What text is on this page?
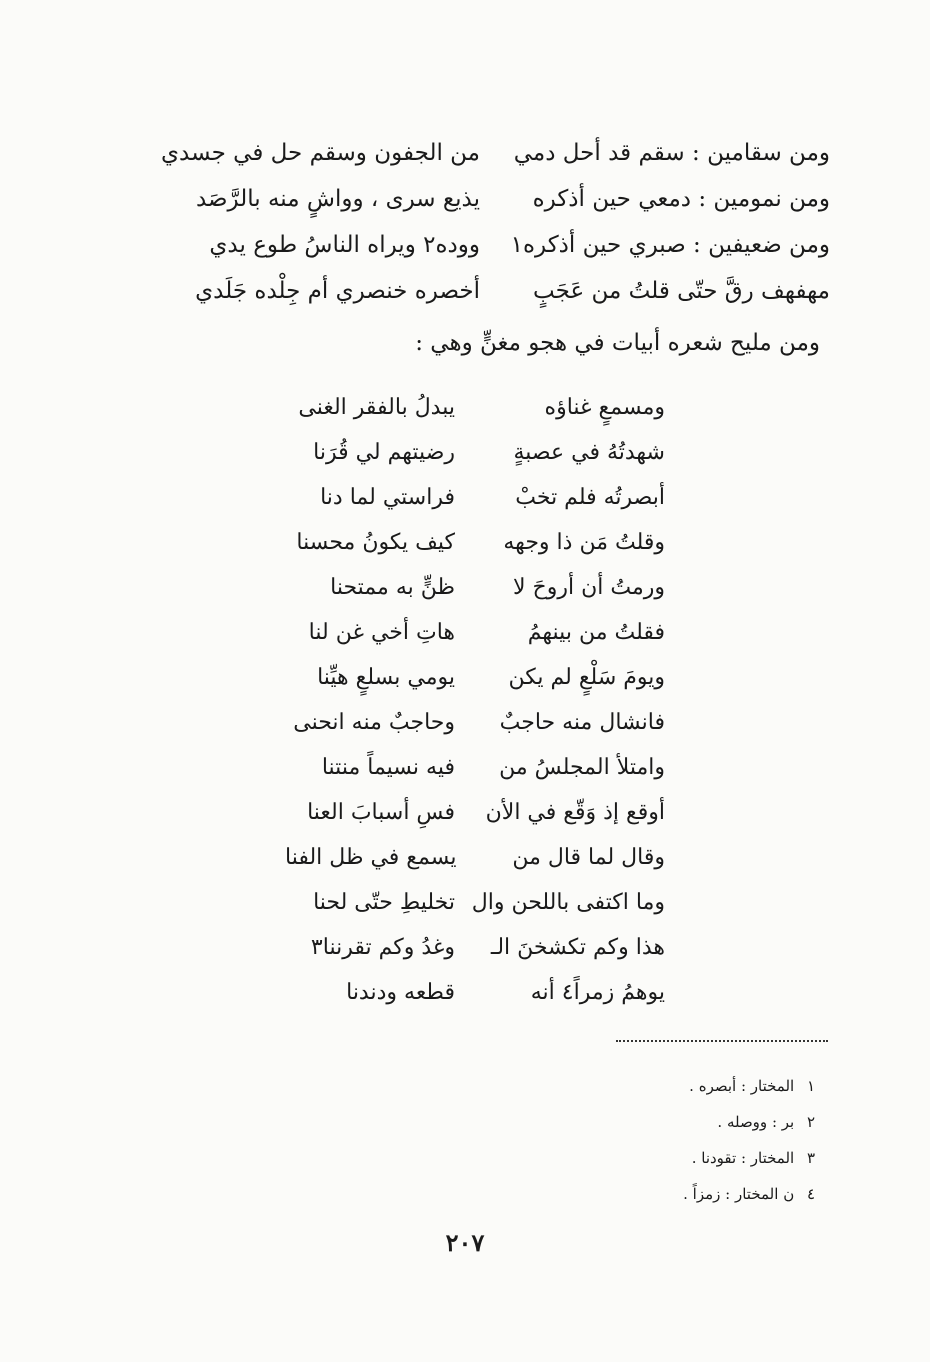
ومن سقامين : سقم قد أحل دمي
من الجفون وسقم حل في جسدي
ومن نمومين : دمعي حين أذكره
يذيع سرى ، وواشٍ منه بالرَّصَد
ومن ضعيفين : صبري حين أذكره١
ووده٢ ويراه الناسُ طوع يدي
مهفهف رقَّ حتّى قلتُ من عَجَبٍ
أخصره خنصري أم جِلْده جَلَدي
ومن مليح شعره أبيات في هجو مغنٍّ وهي :
ومسمعٍ غناؤه
يبدلُ بالفقر الغنى
شهدتُهُ في عصبةٍ
رضيتهم لي قُرَنا
أبصرتُه فلم تخبْ
فراستي لما دنا
وقلتُ مَن ذا وجهه
كيف يكونُ محسنا
ورمتُ أن أروحَ لا
ظنٍّ به ممتحنا
فقلتُ من بينهمُ
هاتِ أخي غن لنا
ويومَ سَلْعٍ لم يكن
يومي بسلعٍ هيِّنا
فانشال منه حاجبٌ
وحاجبٌ منه انحنى
وامتلأ المجلسُ من
فيه نسيماً منتنا
أوقع إذ وَقّع في الأن
فسِ أسبابَ العنا
وقال لما قال من
يسمع في ظل الفنا
وما اكتفى باللحن وال
تخليطِ حتّى لحنا
هذا وكم تكشخنَ الـ
وغدُ وكم تقرننا٣
يوهمُ زمراً٤ أنه
قطعه ودندنا
١ المختار : أبصره .
٢ بر : ووصله .
٣ المختار : تقودنا .
٤ ن المختار : زمزاً .
٢٠٧
